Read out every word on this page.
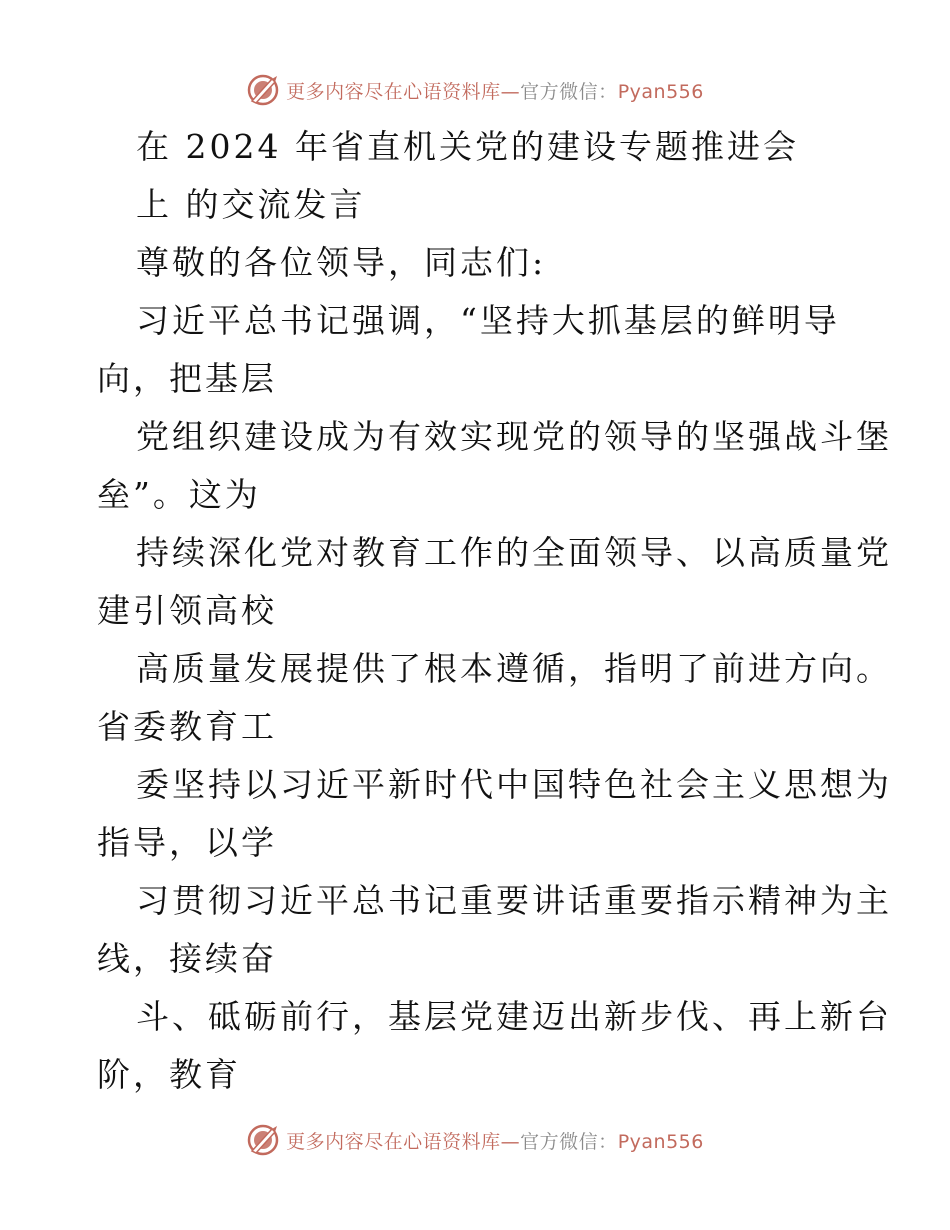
更多内容尽在心语资料库—官方微信：Pyan556
在 2024 年省直机关党的建设专题推进会
上 的交流发言
尊敬的各位领导，同志们:
习近平总书记强调，“坚持大抓基层的鲜明导
向，把基层
党组织建设成为有效实现党的领导的坚强战斗堡
垒”。这为
持续深化党对教育工作的全面领导、以高质量党
建引领高校
高质量发展提供了根本遵循，指明了前进方向。
省委教育工
委坚持以习近平新时代中国特色社会主义思想为
指导，以学
习贯彻习近平总书记重要讲话重要指示精神为主
线，接续奋
斗、砥砺前行，基层党建迈出新步伐、再上新台
阶，教育
更多内容尽在心语资料库—官方微信：Pyan556
